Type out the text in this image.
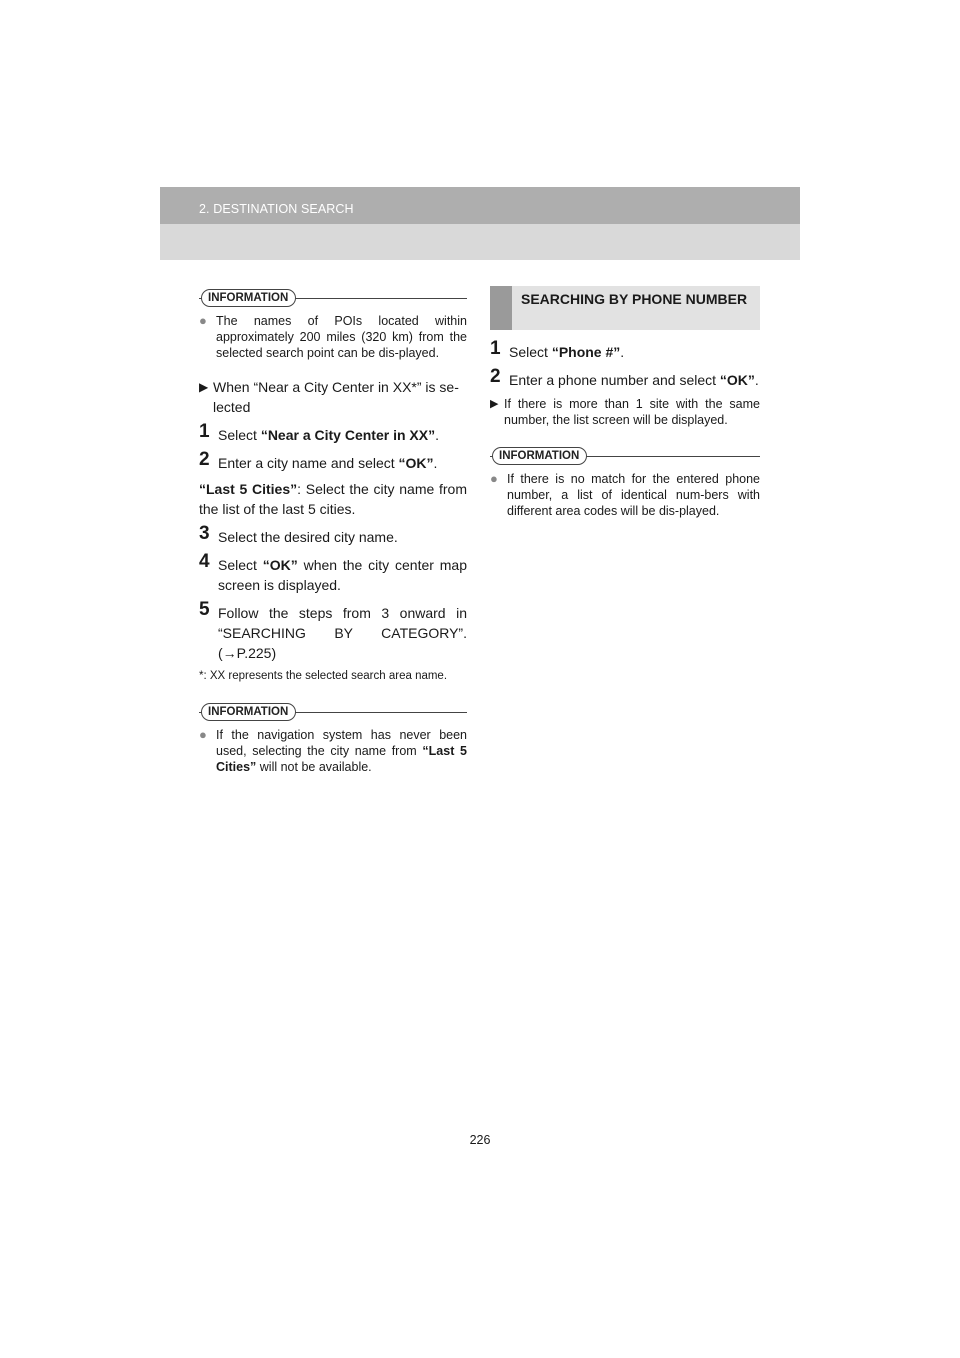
2. DESTINATION SEARCH
INFORMATION
● The names of POIs located within approximately 200 miles (320 km) from the selected search point can be dis-played.
▶ When “Near a City Center in XX*” is se-lected
1 Select “Near a City Center in XX”.
2 Enter a city name and select “OK”.
“Last 5 Cities”: Select the city name from the list of the last 5 cities.
3 Select the desired city name.
4 Select “OK” when the city center map screen is displayed.
5 Follow the steps from 3 onward in “SEARCHING BY CATEGORY”. (→P.225)
*: XX represents the selected search area name.
INFORMATION
● If the navigation system has never been used, selecting the city name from “Last 5 Cities” will not be available.
SEARCHING BY PHONE NUMBER
1 Select “Phone #”.
2 Enter a phone number and select “OK”.
▶ If there is more than 1 site with the same number, the list screen will be displayed.
INFORMATION
● If there is no match for the entered phone number, a list of identical num-bers with different area codes will be dis-played.
226
